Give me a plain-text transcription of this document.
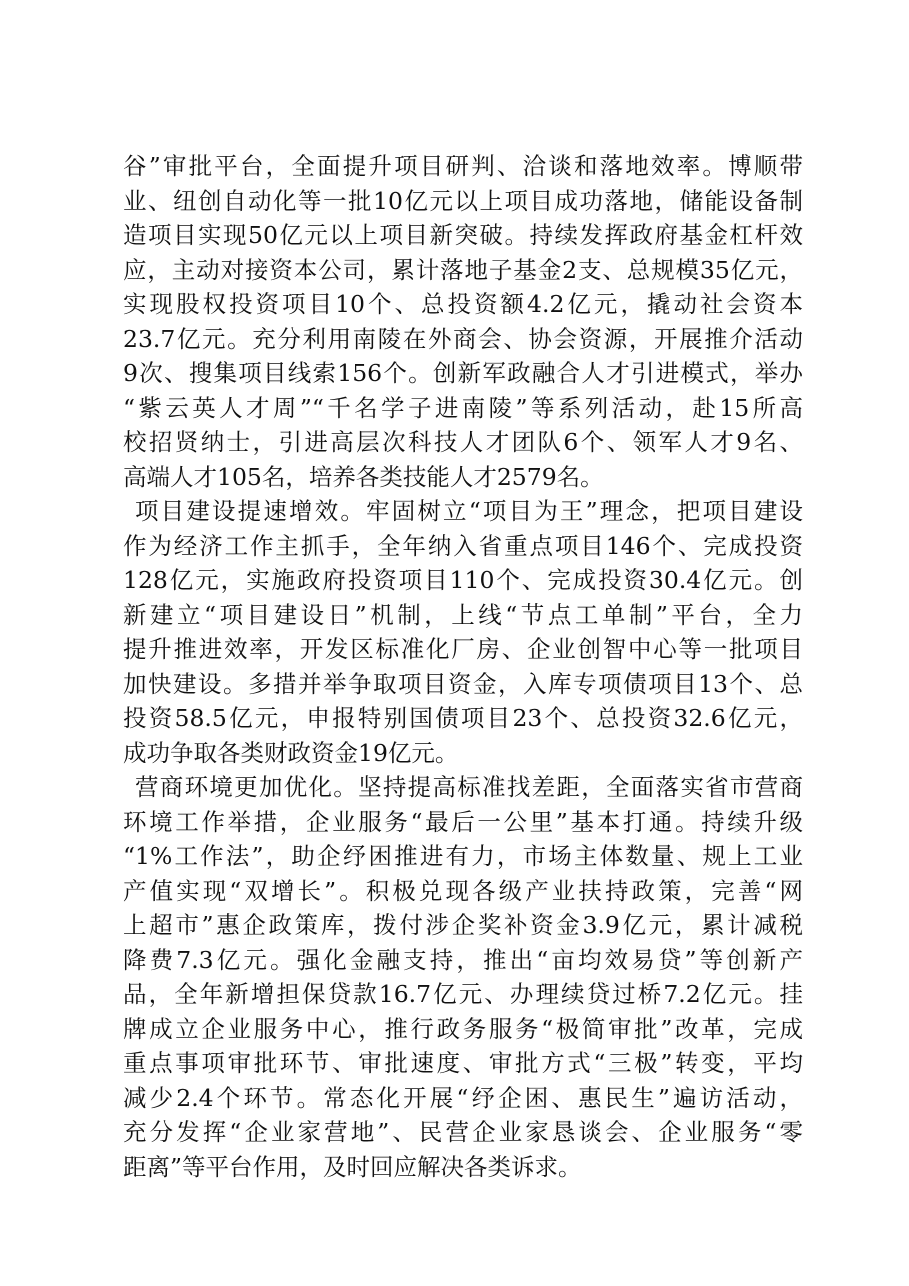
谷”审批平台，全面提升项目研判、洽谈和落地效率。博顺带
业、纽创自动化等一批10亿元以上项目成功落地，储能设备制
造项目实现50亿元以上项目新突破。持续发挥政府基金杠杆效
应，主动对接资本公司，累计落地子基金2支、总规模35亿元，
实现股权投资项目10个、总投资额4.2亿元，撬动社会资本
23.7亿元。充分利用南陵在外商会、协会资源，开展推介活动
9次、搜集项目线索156个。创新军政融合人才引进模式，举办
“紫云英人才周”“千名学子进南陵”等系列活动，赴15所高
校招贤纳士，引进高层次科技人才团队6个、领军人才9名、
高端人才105名，培养各类技能人才2579名。
项目建设提速增效。牢固树立“项目为王”理念，把项目建设
作为经济工作主抓手，全年纳入省重点项目146个、完成投资
128亿元，实施政府投资项目110个、完成投资30.4亿元。创
新建立“项目建设日”机制，上线“节点工单制”平台，全力
提升推进效率，开发区标准化厂房、企业创智中心等一批项目
加快建设。多措并举争取项目资金，入库专项债项目13个、总
投资58.5亿元，申报特别国债项目23个、总投资32.6亿元，
成功争取各类财政资金19亿元。
营商环境更加优化。坚持提高标准找差距，全面落实省市营商
环境工作举措，企业服务“最后一公里”基本打通。持续升级
“1%工作法”，助企纾困推进有力，市场主体数量、规上工业
产值实现“双增长”。积极兑现各级产业扶持政策，完善“网
上超市”惠企政策库，拨付涉企奖补资金3.9亿元，累计减税
降费7.3亿元。强化金融支持，推出“亩均效易贷”等创新产
品，全年新增担保贷款16.7亿元、办理续贷过桥7.2亿元。挂
牌成立企业服务中心，推行政务服务“极简审批”改革，完成
重点事项审批环节、审批速度、审批方式“三极”转变，平均
减少2.4个环节。常态化开展“纾企困、惠民生”遍访活动，
充分发挥“企业家营地”、民营企业家恳谈会、企业服务“零
距离”等平台作用，及时回应解决各类诉求。
